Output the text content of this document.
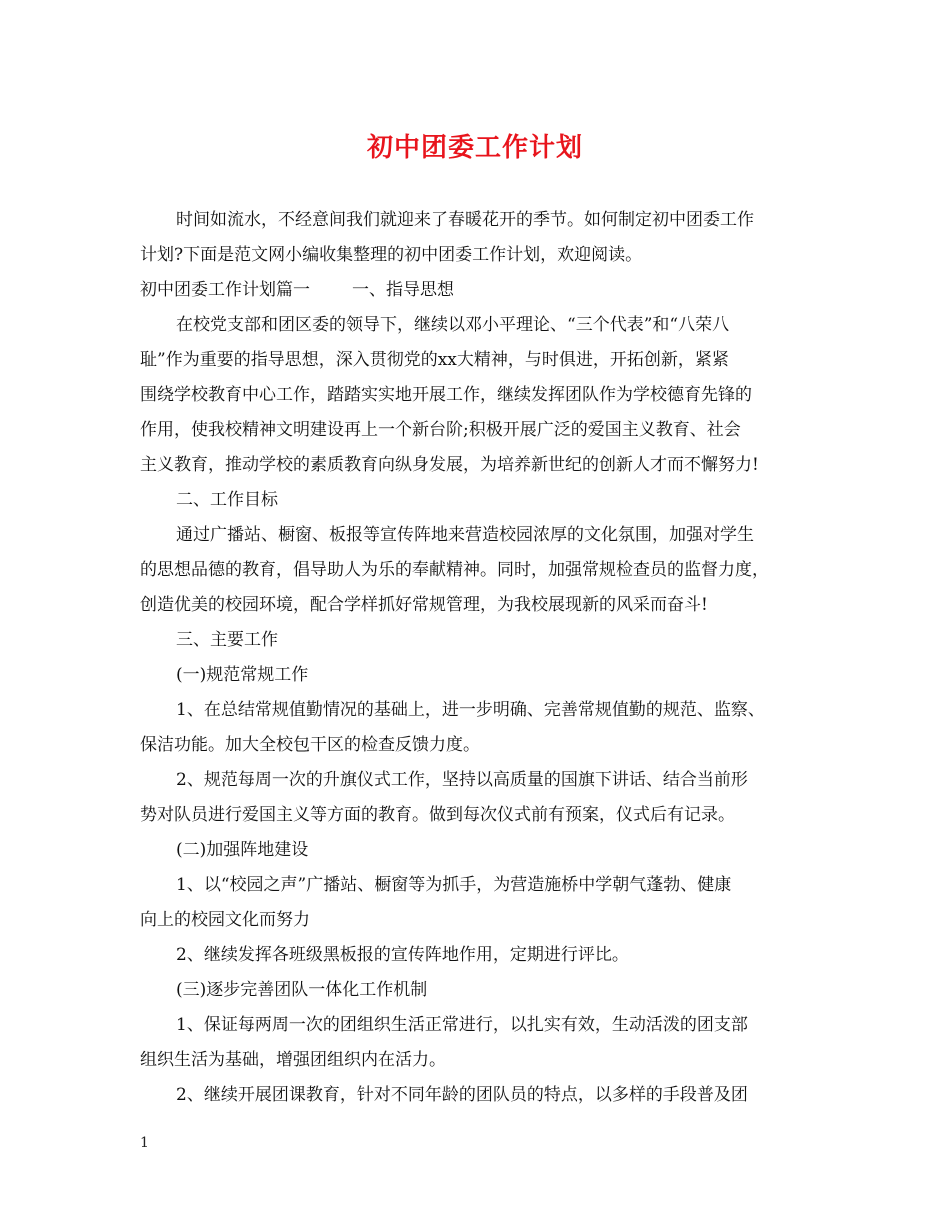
初中团委工作计划
时间如流水，不经意间我们就迎来了春暖花开的季节。如何制定初中团委工作
计划?下面是范文网小编收集整理的初中团委工作计划，欢迎阅读。
初中团委工作计划篇一 一、指导思想
在校党支部和团区委的领导下，继续以邓小平理论、“三个代表”和“八荣八
耻”作为重要的指导思想，深入贯彻党的xx大精神，与时俱进，开拓创新，紧紧
围绕学校教育中心工作，踏踏实实地开展工作，继续发挥团队作为学校德育先锋的
作用，使我校精神文明建设再上一个新台阶;积极开展广泛的爱国主义教育、社会
主义教育，推动学校的素质教育向纵身发展，为培养新世纪的创新人才而不懈努力!
二、工作目标
通过广播站、橱窗、板报等宣传阵地来营造校园浓厚的文化氛围，加强对学生
的思想品德的教育，倡导助人为乐的奉献精神。同时，加强常规检查员的监督力度，
创造优美的校园环境，配合学样抓好常规管理，为我校展现新的风采而奋斗!
三、主要工作
(一)规范常规工作
1、在总结常规值勤情况的基础上，进一步明确、完善常规值勤的规范、监察、
保洁功能。加大全校包干区的检查反馈力度。
2、规范每周一次的升旗仪式工作，坚持以高质量的国旗下讲话、结合当前形
势对队员进行爱国主义等方面的教育。做到每次仪式前有预案，仪式后有记录。
(二)加强阵地建设
1、以“校园之声”广播站、橱窗等为抓手，为营造施桥中学朝气蓬勃、健康
向上的校园文化而努力
2、继续发挥各班级黑板报的宣传阵地作用，定期进行评比。
(三)逐步完善团队一体化工作机制
1、保证每两周一次的团组织生活正常进行，以扎实有效，生动活泼的团支部
组织生活为基础，增强团组织内在活力。
2、继续开展团课教育，针对不同年龄的团队员的特点，以多样的手段普及团
1
